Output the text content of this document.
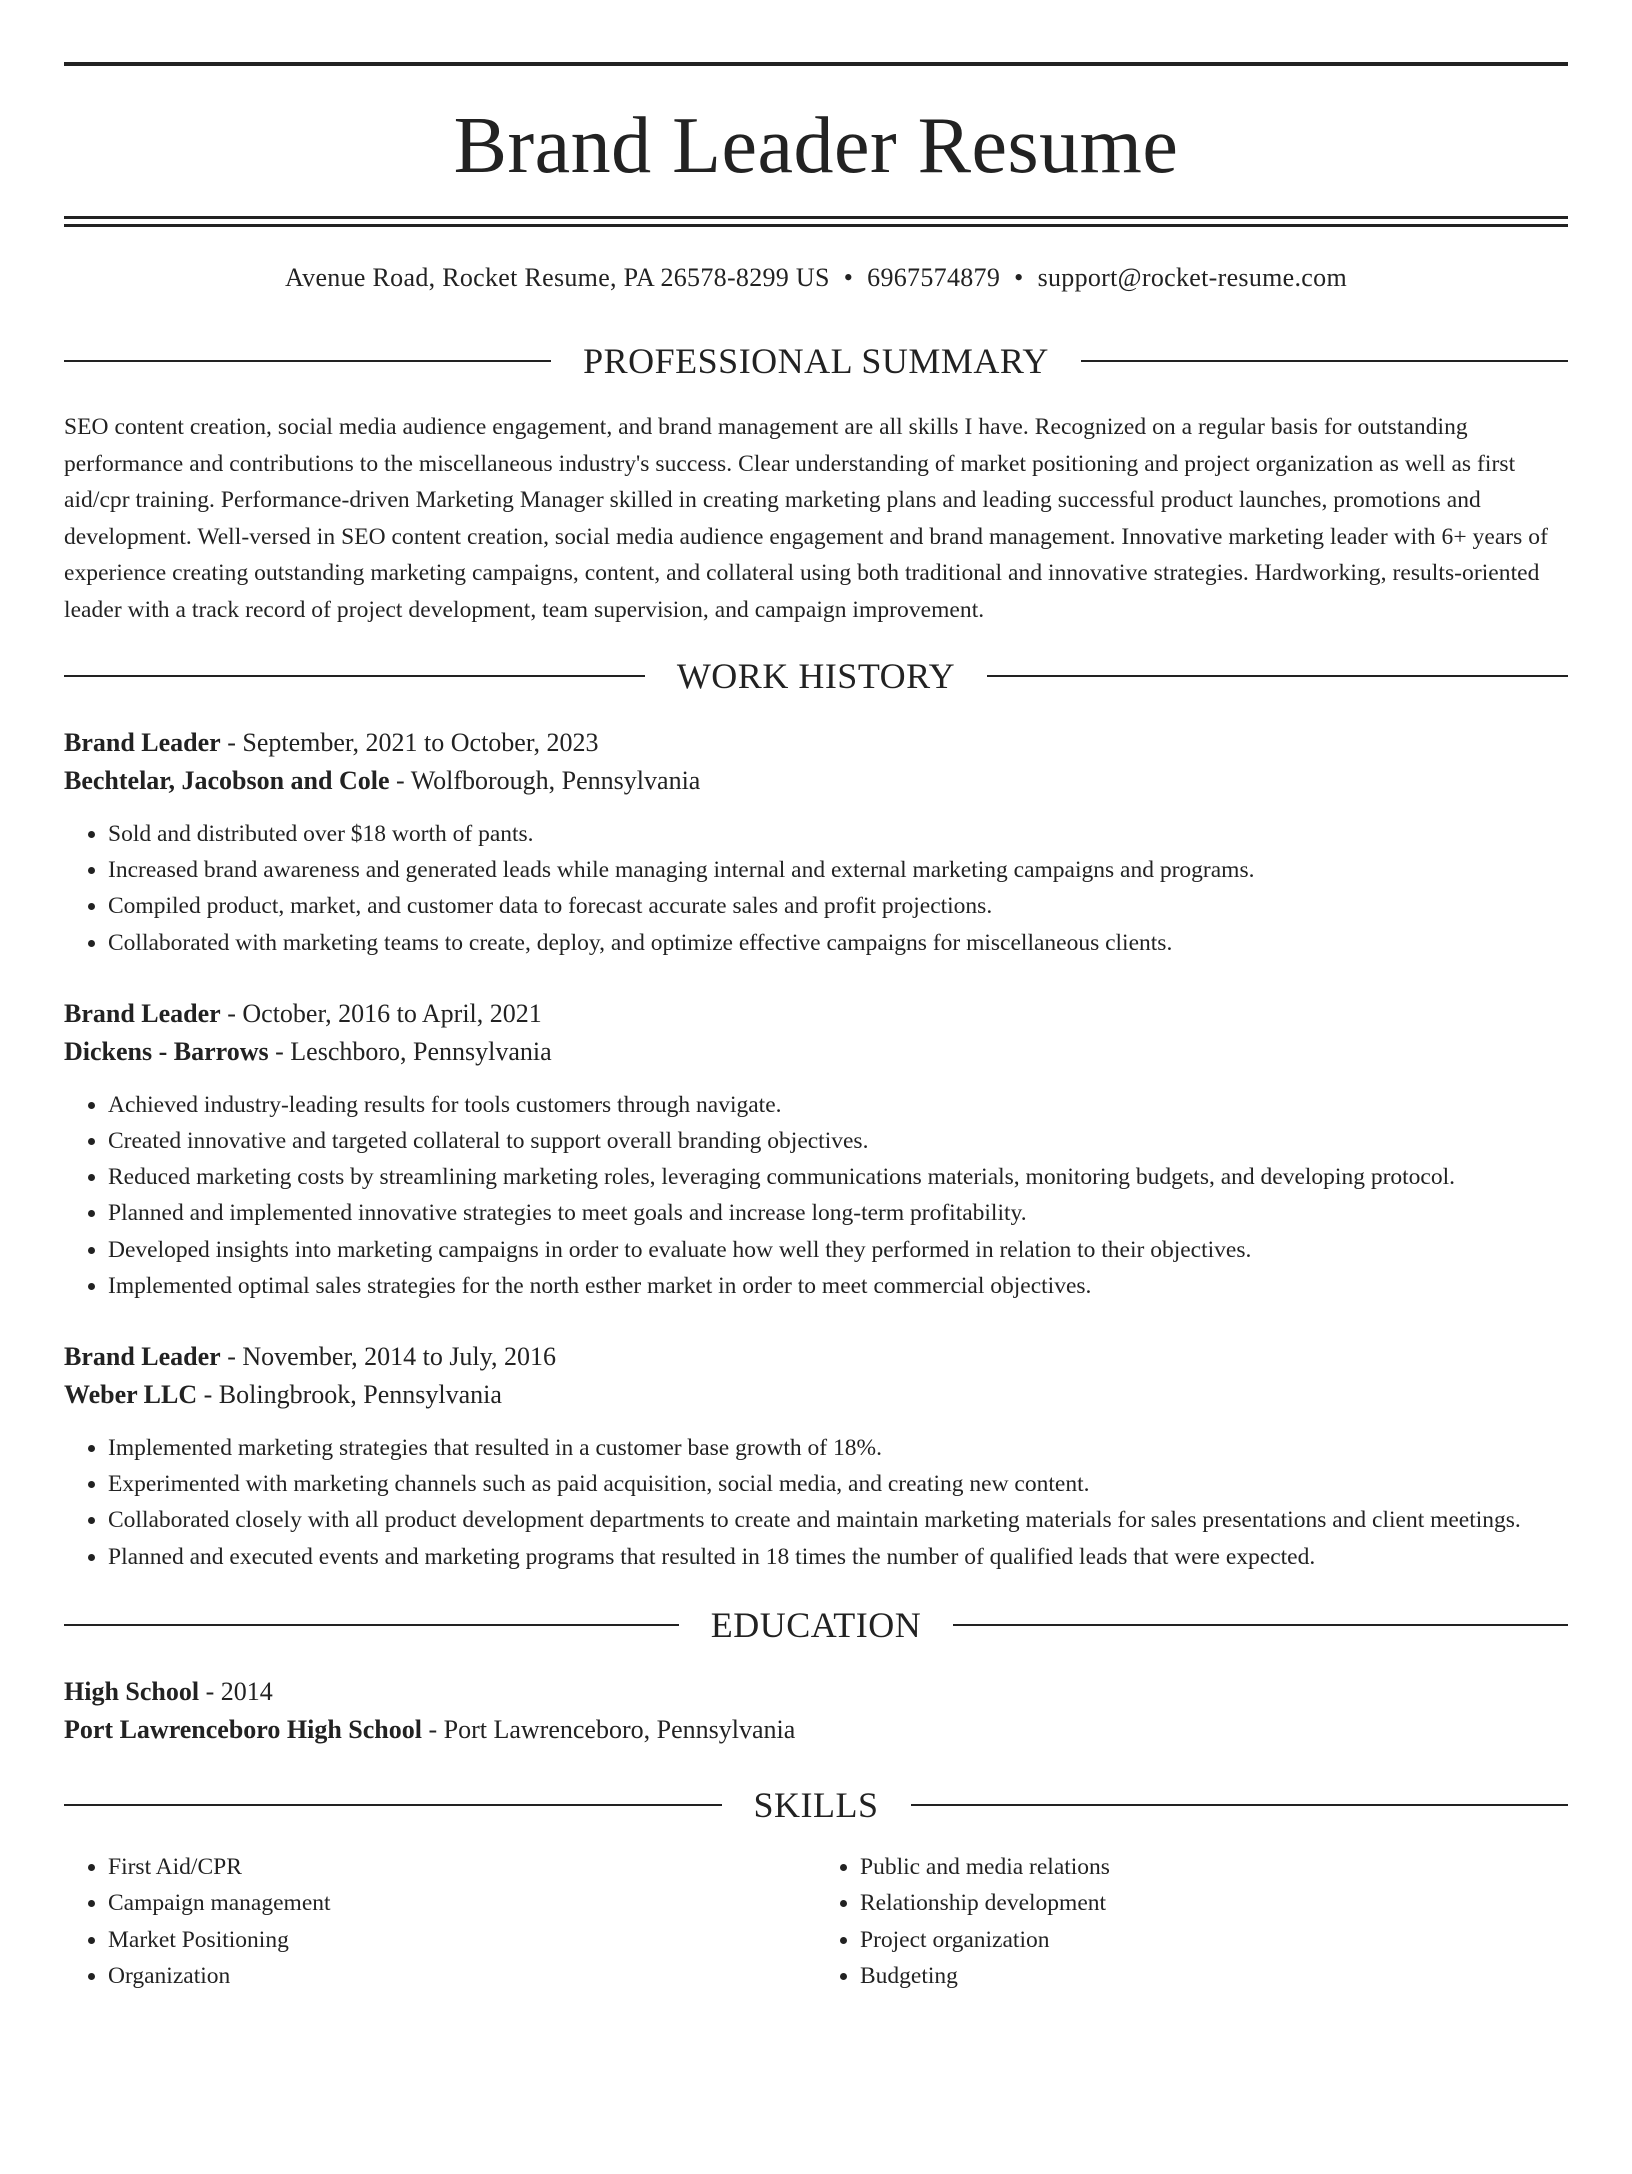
Brand Leader Resume
Avenue Road, Rocket Resume, PA 26578-8299 US • 6967574879 • support@rocket-resume.com
PROFESSIONAL SUMMARY
SEO content creation, social media audience engagement, and brand management are all skills I have. Recognized on a regular basis for outstanding performance and contributions to the miscellaneous industry's success. Clear understanding of market positioning and project organization as well as first aid/cpr training. Performance-driven Marketing Manager skilled in creating marketing plans and leading successful product launches, promotions and development. Well-versed in SEO content creation, social media audience engagement and brand management. Innovative marketing leader with 6+ years of experience creating outstanding marketing campaigns, content, and collateral using both traditional and innovative strategies. Hardworking, results-oriented leader with a track record of project development, team supervision, and campaign improvement.
WORK HISTORY
Brand Leader - September, 2021 to October, 2023
Bechtelar, Jacobson and Cole - Wolfborough, Pennsylvania
• Sold and distributed over $18 worth of pants.
• Increased brand awareness and generated leads while managing internal and external marketing campaigns and programs.
• Compiled product, market, and customer data to forecast accurate sales and profit projections.
• Collaborated with marketing teams to create, deploy, and optimize effective campaigns for miscellaneous clients.
Brand Leader - October, 2016 to April, 2021
Dickens - Barrows - Leschboro, Pennsylvania
• Achieved industry-leading results for tools customers through navigate.
• Created innovative and targeted collateral to support overall branding objectives.
• Reduced marketing costs by streamlining marketing roles, leveraging communications materials, monitoring budgets, and developing protocol.
• Planned and implemented innovative strategies to meet goals and increase long-term profitability.
• Developed insights into marketing campaigns in order to evaluate how well they performed in relation to their objectives.
• Implemented optimal sales strategies for the north esther market in order to meet commercial objectives.
Brand Leader - November, 2014 to July, 2016
Weber LLC - Bolingbrook, Pennsylvania
• Implemented marketing strategies that resulted in a customer base growth of 18%.
• Experimented with marketing channels such as paid acquisition, social media, and creating new content.
• Collaborated closely with all product development departments to create and maintain marketing materials for sales presentations and client meetings.
• Planned and executed events and marketing programs that resulted in 18 times the number of qualified leads that were expected.
EDUCATION
High School - 2014
Port Lawrenceboro High School - Port Lawrenceboro, Pennsylvania
SKILLS
• First Aid/CPR
• Campaign management
• Market Positioning
• Organization
• Public and media relations
• Relationship development
• Project organization
• Budgeting
